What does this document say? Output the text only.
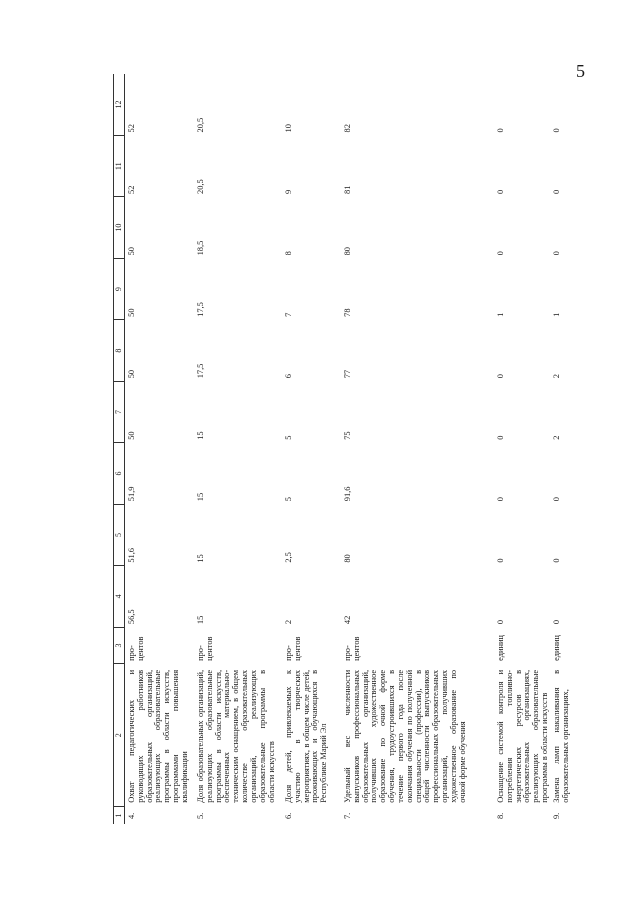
5
1	2	3	4	5	6	7	8	9	10	11	12
4.	Охват педагогических и руководящих работников образовательных организаций, реализующих образовательные программы в области искусств, программами повышения квалификации	про-центов	56,5	51,6	51,9	50	50	50	50	52	52
5.	Доля образовательных организаций, реализующих образовательные программы в области искусств, обеспеченных материально-техническим оснащением, в общем количестве образовательных организаций, реализующих образовательные программы в области искусств	про-центов	15	15	15	15	17,5	17,5	18,5	20,5	20,5
6.	Доля детей, привлекаемых к участию в творческих мероприятиях, в общем числе детей, проживающих и обучающихся в Республике Марий Эл	про-центов	2	2,5	5	5	6	7	8	9	10
7.	Удельный вес численности выпускников профессиональных образовательных организаций, получивших художественное образование по очной форме обучения, трудоустроившихся в течение первого года после окончания обучения по полученной специальности (профессии), в общей численности выпускников профессиональных образовательных организаций, получивших художественное образование по очной форме обучения	про-центов	42	80	91,6	75	77	78	80	81	82
8.	Оснащение системой контроля и потребления топливно-энергетических ресурсов в образовательных организациях, реализующих образовательные программы в области искусств	единиц	0	0	0	0	0	1	0	0	0
9.	Замена ламп накаливания в образовательных организациях,	единиц	0	0	0	2	2	1	0	0	0
